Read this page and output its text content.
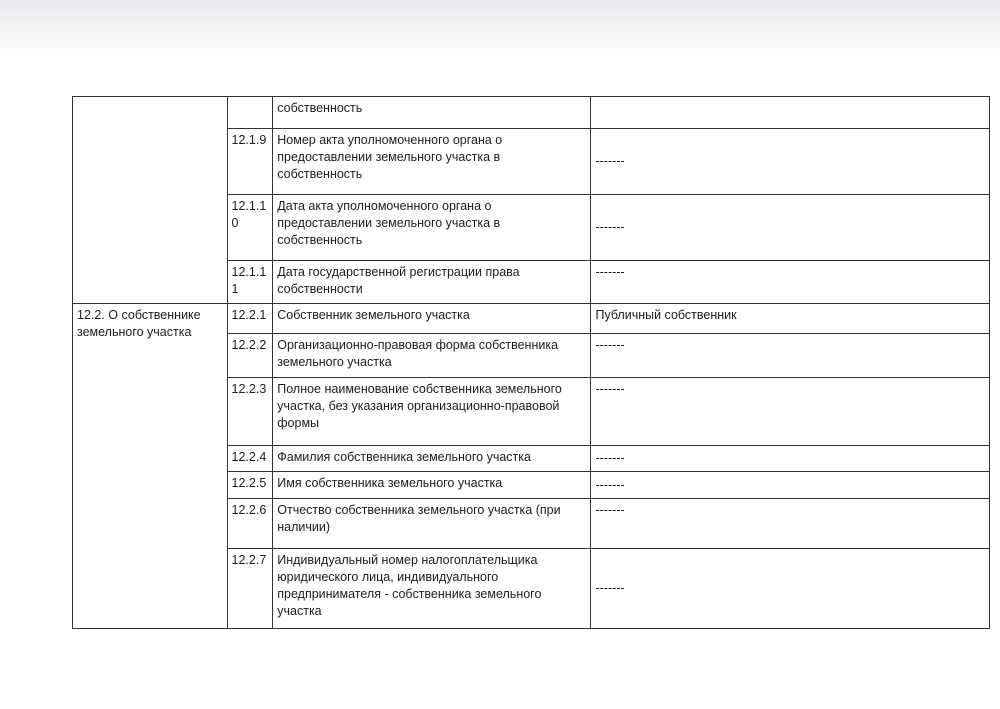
		собственность	
	12.1.9	Номер акта уполномоченного органа о предоставлении земельного участка в собственность	-------
	12.1.1 0	Дата акта уполномоченного органа о предоставлении земельного участка в собственность	-------
	12.1.1 1	Дата государственной регистрации права собственности	-------
12.2. О собственнике земельного участка	12.2.1	Собственник земельного участка	Публичный собственник
	12.2.2	Организационно-правовая форма собственника земельного участка	-------
	12.2.3	Полное наименование собственника земельного участка, без указания организационно-правовой формы	-------
	12.2.4	Фамилия собственника земельного участка	-------
	12.2.5	Имя собственника земельного участка	-------
	12.2.6	Отчество собственника земельного участка (при наличии)	-------
	12.2.7	Индивидуальный номер налогоплательщика юридического лица, индивидуального предпринимателя - собственника земельного участка	-------
